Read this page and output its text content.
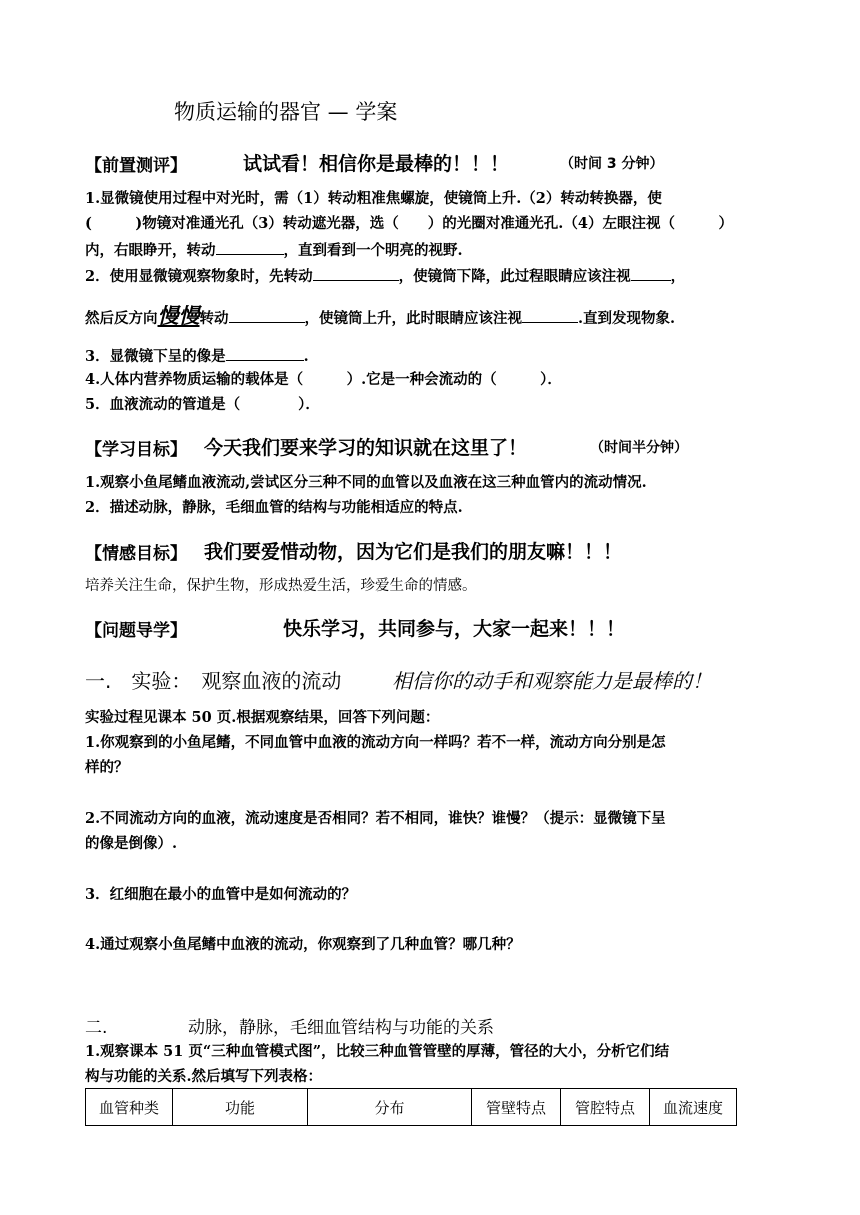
物质运输的器官 — 学案
【前置测评】	试试看！相信你是最棒的！！！	（时间 3 分钟）
1.显微镜使用过程中对光时，需（1）转动粗准焦螺旋，使镜筒上升.（2）转动转换器，使
(　　　)物镜对准通光孔（3）转动遮光器，选（　　）的光圈对准通光孔.（4）左眼注视（　　　）
内，右眼睁开，转动	，直到看到一个明亮的视野.
2．使用显微镜观察物象时，先转动	，使镜筒下降，此过程眼睛应该注视	，
然后反方向慢慢转动	，使镜筒上升，此时眼睛应该注视	.直到发现物象.
3．显微镜下呈的像是	.
4.人体内营养物质运输的载体是（　　　）.它是一种会流动的（　　　）．
5．血液流动的管道是（　　　　）．
【学习目标】 今天我们要来学习的知识就在这里了！	（时间半分钟）
1.观察小鱼尾鳍血液流动,尝试区分三种不同的血管以及血液在这三种血管内的流动情况.
2．描述动脉，静脉，毛细血管的结构与功能相适应的特点.
【情感目标】 我们要爱惜动物，因为它们是我们的朋友嘛！！！
培养关注生命，保护生物，形成热爱生活，珍爱生命的情感。
【问题导学】	快乐学习，共同参与，大家一起来！！！
一.　实验：　观察血液的流动	相信你的动手和观察能力是最棒的！
实验过程见课本 50 页.根据观察结果，回答下列问题：
1.你观察到的小鱼尾鳍，不同血管中血液的流动方向一样吗？若不一样，流动方向分别是怎
样的？
2.不同流动方向的血液，流动速度是否相同？若不相同，谁快？谁慢？（提示：显微镜下呈
的像是倒像）.
3．红细胞在最小的血管中是如何流动的？
4.通过观察小鱼尾鳍中血液的流动，你观察到了几种血管？哪几种？
二.	动脉，静脉，毛细血管结构与功能的关系
1.观察课本 51 页“三种血管模式图”，比较三种血管管壁的厚薄，管径的大小，分析它们结
构与功能的关系.然后填写下列表格：
血管种类	功能	分布	管壁特点	管腔特点	血流速度
